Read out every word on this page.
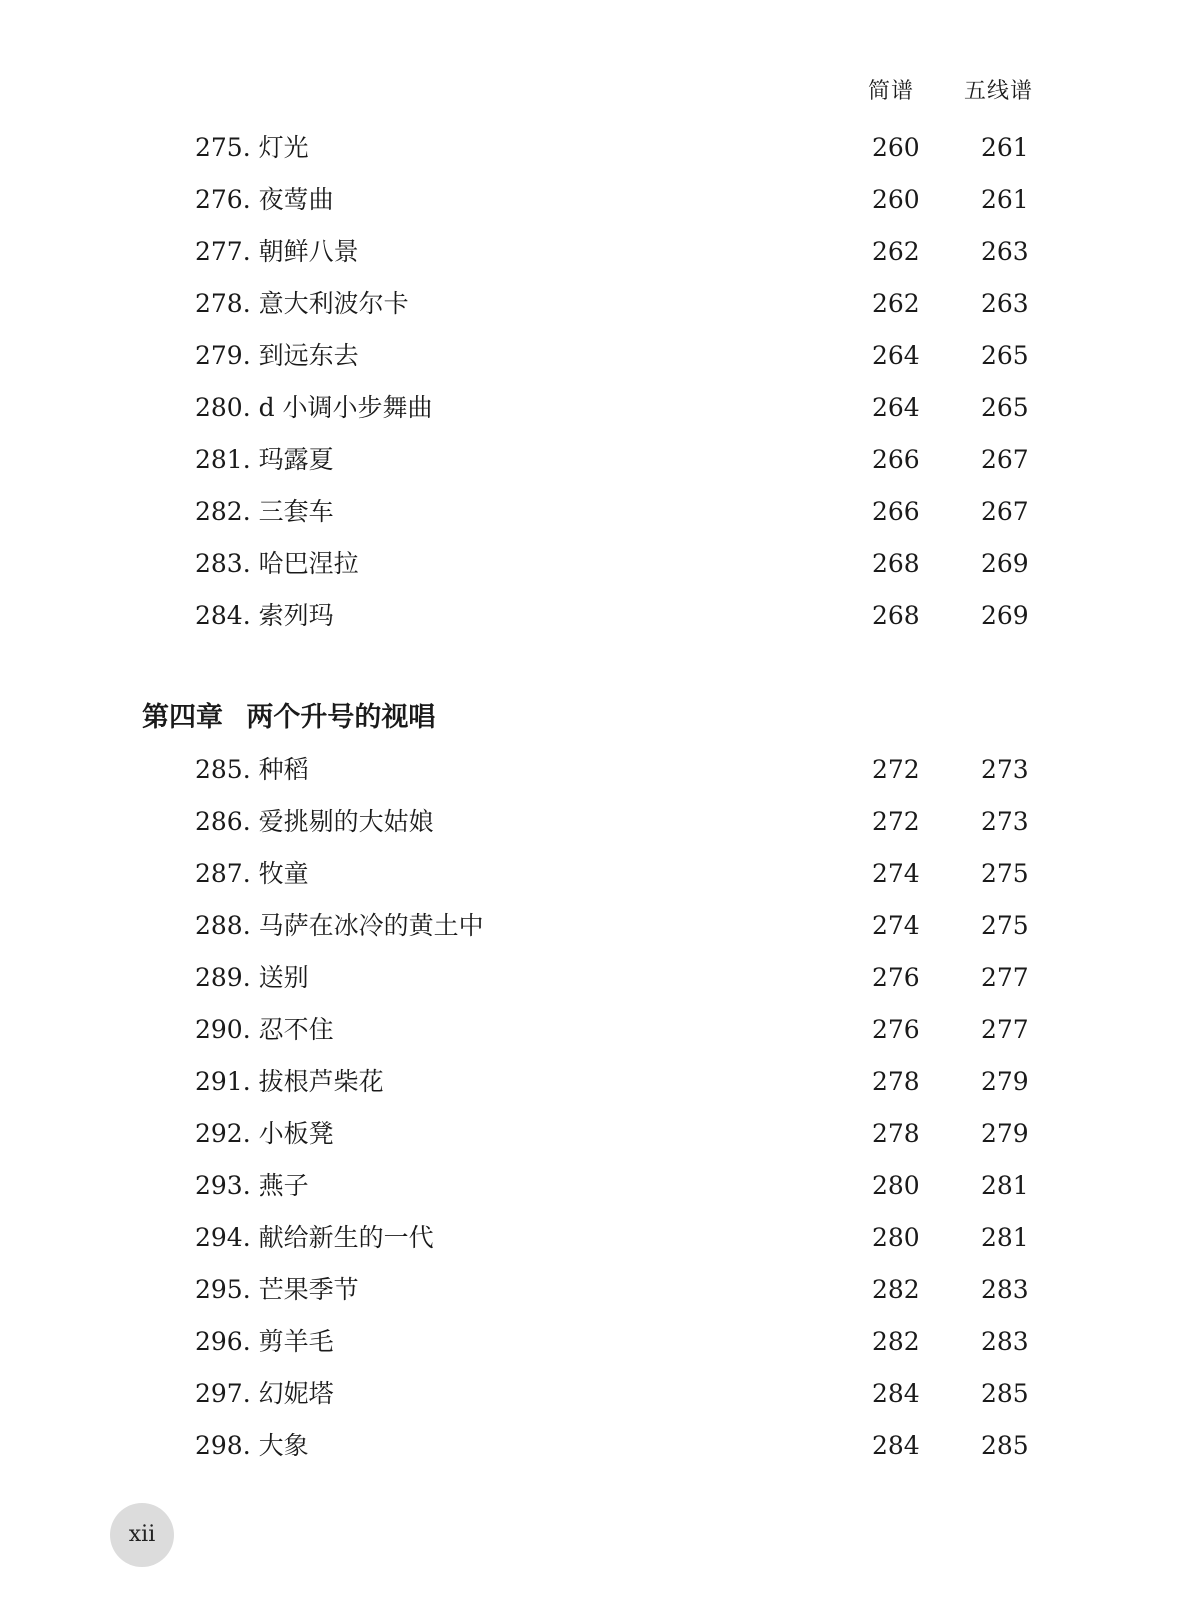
简谱 五线谱
275. 灯光	260 261
276. 夜莺曲	260 261
277. 朝鲜八景	262 263
278. 意大利波尔卡	262 263
279. 到远东去	264 265
280. d 小调小步舞曲	264 265
281. 玛露夏	266 267
282. 三套车	266 267
283. 哈巴涅拉	268 269
284. 索列玛	268 269
第四章 两个升号的视唱
285. 种稻	272 273
286. 爱挑剔的大姑娘	272 273
287. 牧童	274 275
288. 马萨在冰冷的黄土中	274 275
289. 送别	276 277
290. 忍不住	276 277
291. 拔根芦柴花	278 279
292. 小板凳	278 279
293. 燕子	280 281
294. 献给新生的一代	280 281
295. 芒果季节	282 283
296. 剪羊毛	282 283
297. 幻妮塔	284 285
298. 大象	284 285
xii
